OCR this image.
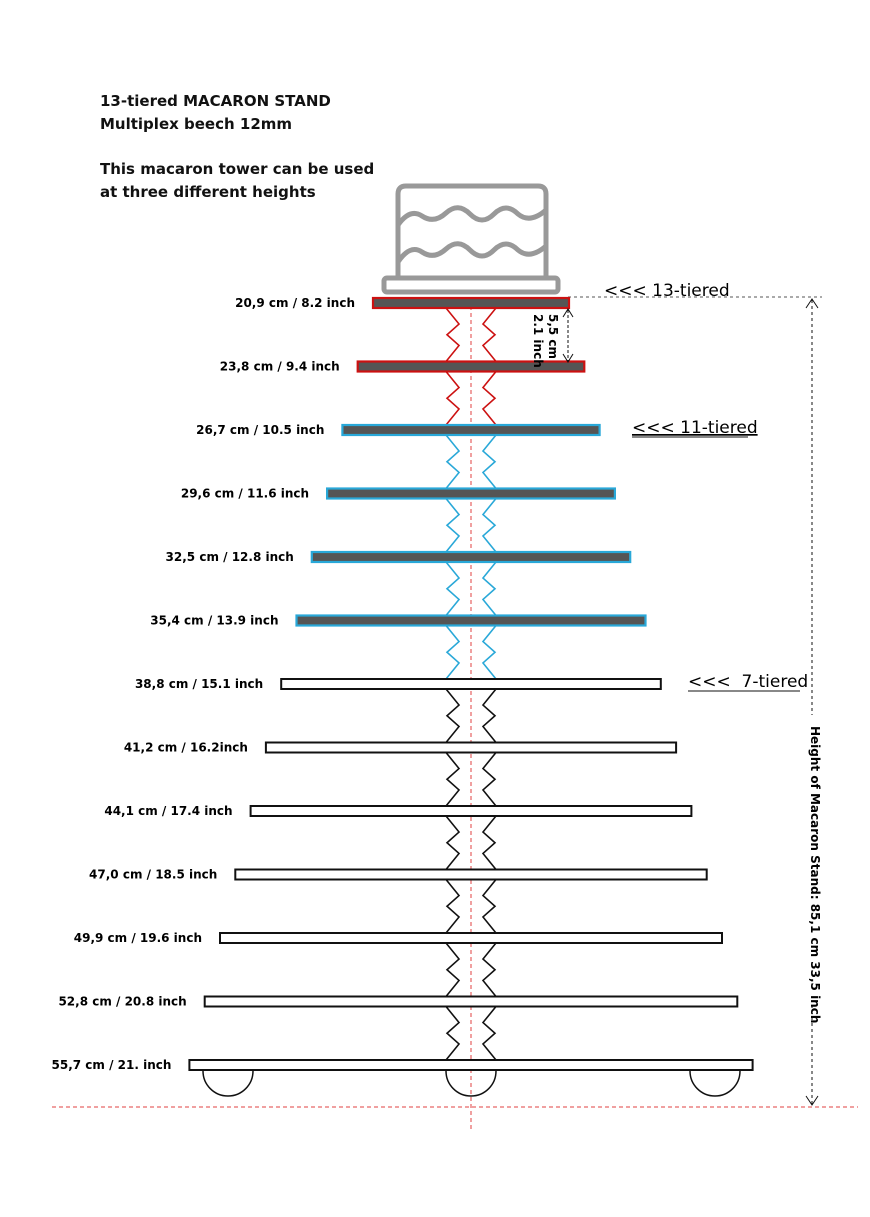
13-tiered MACARON STAND
Multiplex beech 12mm
This macaron tower can be used
at three different heights
20,9 cm / 8.2 inch
23,8 cm / 9.4 inch
26,7 cm / 10.5 inch
29,6 cm / 11.6 inch
32,5 cm / 12.8 inch
35,4 cm / 13.9 inch
38,8 cm / 15.1 inch
41,2 cm / 16.2inch
44,1 cm / 17.4 inch
47,0 cm / 18.5 inch
49,9 cm / 19.6 inch
52,8 cm / 20.8 inch
55,7 cm / 21. inch
5,5 cm
2.1 inch
Height of Macaron Stand: 85,1 cm 33,5 inch
<<< 13-tiered
<<< 11-tiered
<<<  7-tiered
